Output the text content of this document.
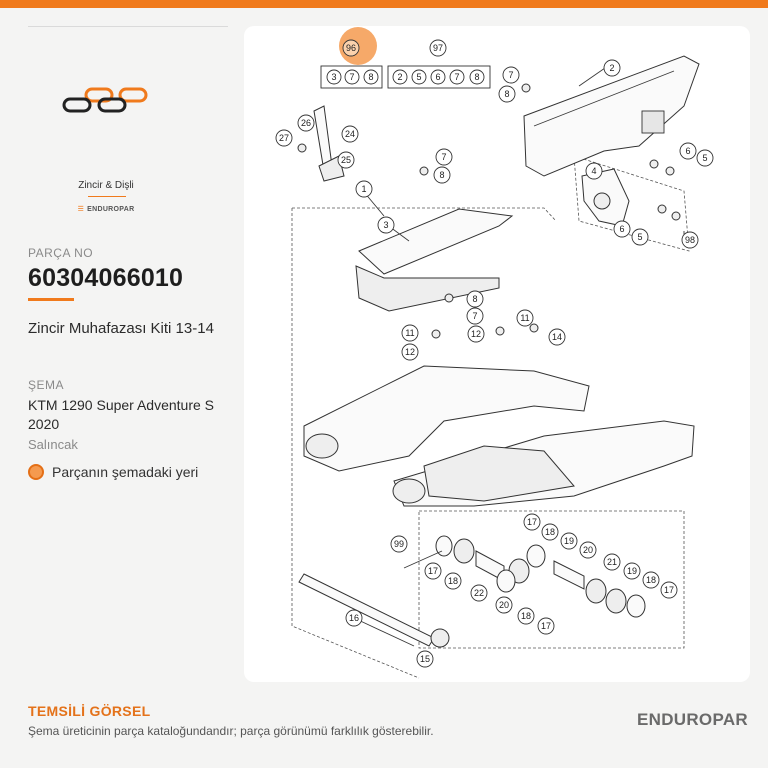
Zincir & Dişli
☰ ENDUROPAR
PARÇA NO
60304066010
Zincir Muhafazası Kiti 13-14
ŞEMA
KTM 1290 Super Adventure S 2020
Salıncak
Parçanın şemadaki yeri
3 7 8	2 5 6 7 8
96	97
2
7
8
26
27	24
25	7
8
6
5
4
1
3	6
5	98
8
7
11
11
12
12
14
99
17
18
19
20
21
19
18
17
17
18
22
20
18
17
16
15
TEMSİLİ GÖRSEL
Şema üreticinin parça kataloğundandır; parça görünümü farklılık gösterebilir.
ENDUROPAR
